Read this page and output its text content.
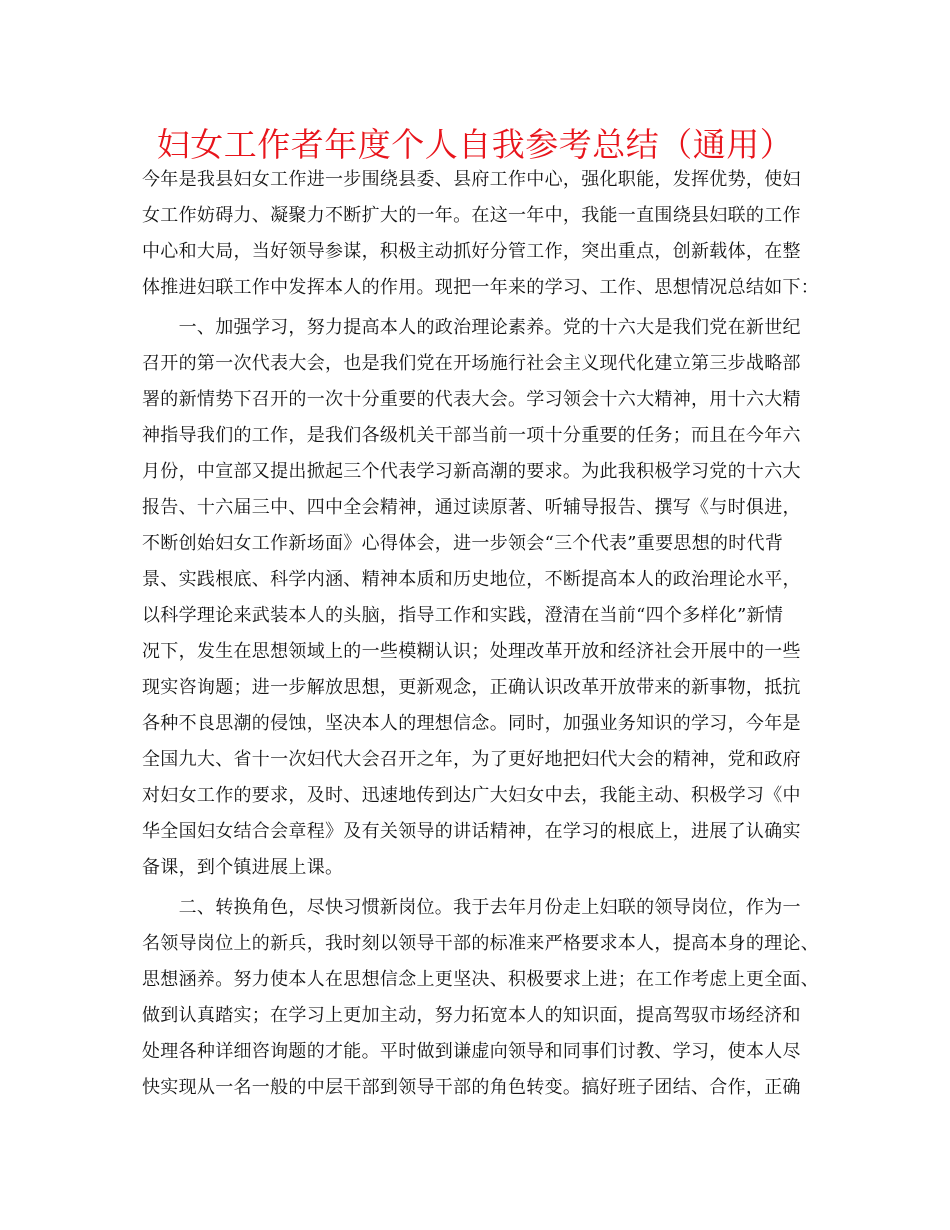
妇女工作者年度个人自我参考总结（通用）
今年是我县妇女工作进一步围绕县委、县府工作中心，强化职能，发挥优势，使妇
女工作妨碍力、凝聚力不断扩大的一年。在这一年中，我能一直围绕县妇联的工作
中心和大局，当好领导参谋，积极主动抓好分管工作，突出重点，创新载体，在整
体推进妇联工作中发挥本人的作用。现把一年来的学习、工作、思想情况总结如下：
　　一、加强学习，努力提高本人的政治理论素养。党的十六大是我们党在新世纪
召开的第一次代表大会，也是我们党在开场施行社会主义现代化建立第三步战略部
署的新情势下召开的一次十分重要的代表大会。学习领会十六大精神，用十六大精
神指导我们的工作，是我们各级机关干部当前一项十分重要的任务；而且在今年六
月份，中宣部又提出掀起三个代表学习新高潮的要求。为此我积极学习党的十六大
报告、十六届三中、四中全会精神，通过读原著、听辅导报告、撰写《与时俱进，
不断创始妇女工作新场面》心得体会，进一步领会“三个代表”重要思想的时代背
景、实践根底、科学内涵、精神本质和历史地位，不断提高本人的政治理论水平，
以科学理论来武装本人的头脑，指导工作和实践，澄清在当前“四个多样化”新情
况下，发生在思想领域上的一些模糊认识；处理改革开放和经济社会开展中的一些
现实咨询题；进一步解放思想，更新观念，正确认识改革开放带来的新事物，抵抗
各种不良思潮的侵蚀，坚决本人的理想信念。同时，加强业务知识的学习，今年是
全国九大、省十一次妇代大会召开之年，为了更好地把妇代大会的精神，党和政府
对妇女工作的要求，及时、迅速地传到达广大妇女中去，我能主动、积极学习《中
华全国妇女结合会章程》及有关领导的讲话精神，在学习的根底上，进展了认确实
备课，到个镇进展上课。
　　二、转换角色，尽快习惯新岗位。我于去年月份走上妇联的领导岗位，作为一
名领导岗位上的新兵，我时刻以领导干部的标准来严格要求本人，提高本身的理论、
思想涵养。努力使本人在思想信念上更坚决、积极要求上进；在工作考虑上更全面、
做到认真踏实；在学习上更加主动，努力拓宽本人的知识面，提高驾驭市场经济和
处理各种详细咨询题的才能。平时做到谦虚向领导和同事们讨教、学习，使本人尽
快实现从一名一般的中层干部到领导干部的角色转变。搞好班子团结、合作，正确
